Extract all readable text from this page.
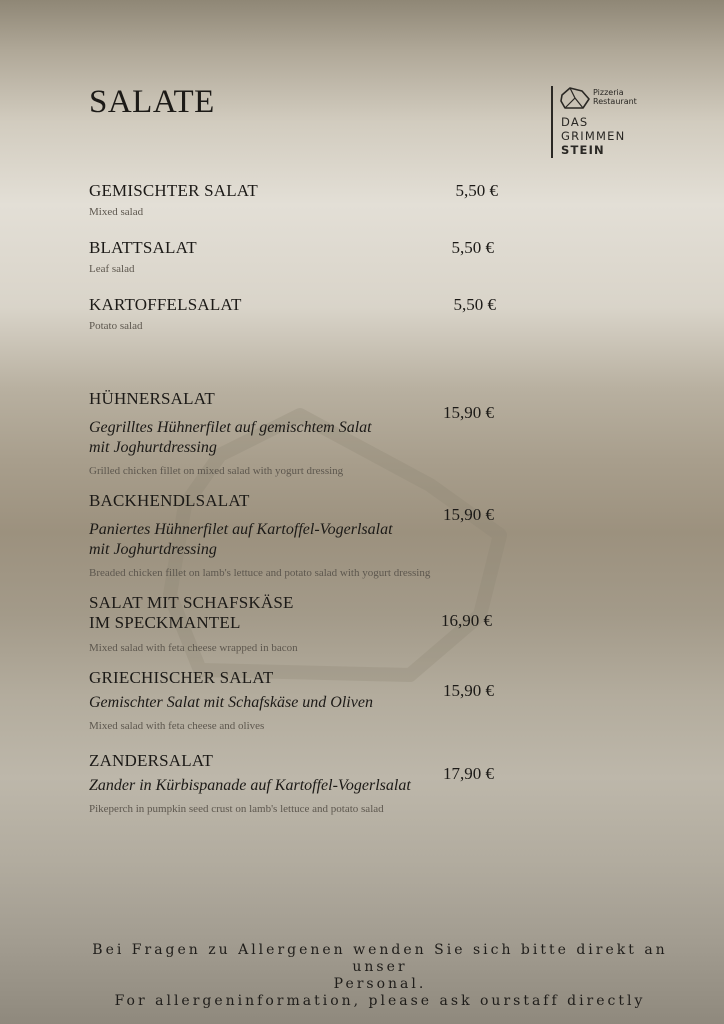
SALATE	Pizzeria
Restaurant
DAS
GRIMMEN
STEIN
GEMISCHTER SALAT
Mixed salad
5,50 €
BLATTSALAT
Leaf salad
5,50 €
KARTOFFELSALAT
Potato salad
5,50 €
HÜHNERSALAT
Gegrilltes Hühnerfilet auf gemischtem Salat
mit Joghurtdressing
Grilled chicken fillet on mixed salad with yogurt dressing
15,90 €
BACKHENDLSALAT
Paniertes Hühnerfilet auf Kartoffel-Vogerlsalat
mit Joghurtdressing
Breaded chicken fillet on lamb's lettuce and potato salad with yogurt dressing
15,90 €
SALAT MIT SCHAFSKÄSE
IM SPECKMANTEL
Mixed salad with feta cheese wrapped in bacon
16,90 €
GRIECHISCHER SALAT
Gemischter Salat mit Schafskäse und Oliven
Mixed salad with feta cheese and olives
15,90 €
ZANDERSALAT
Zander in Kürbispanade auf Kartoffel-Vogerlsalat
Pikeperch in pumpkin seed crust on lamb's lettuce and potato salad
17,90 €
Bei Fragen zu Allergenen wenden Sie sich bitte direkt an unser
Personal.
For allergeninformation, please ask ourstaff directly
